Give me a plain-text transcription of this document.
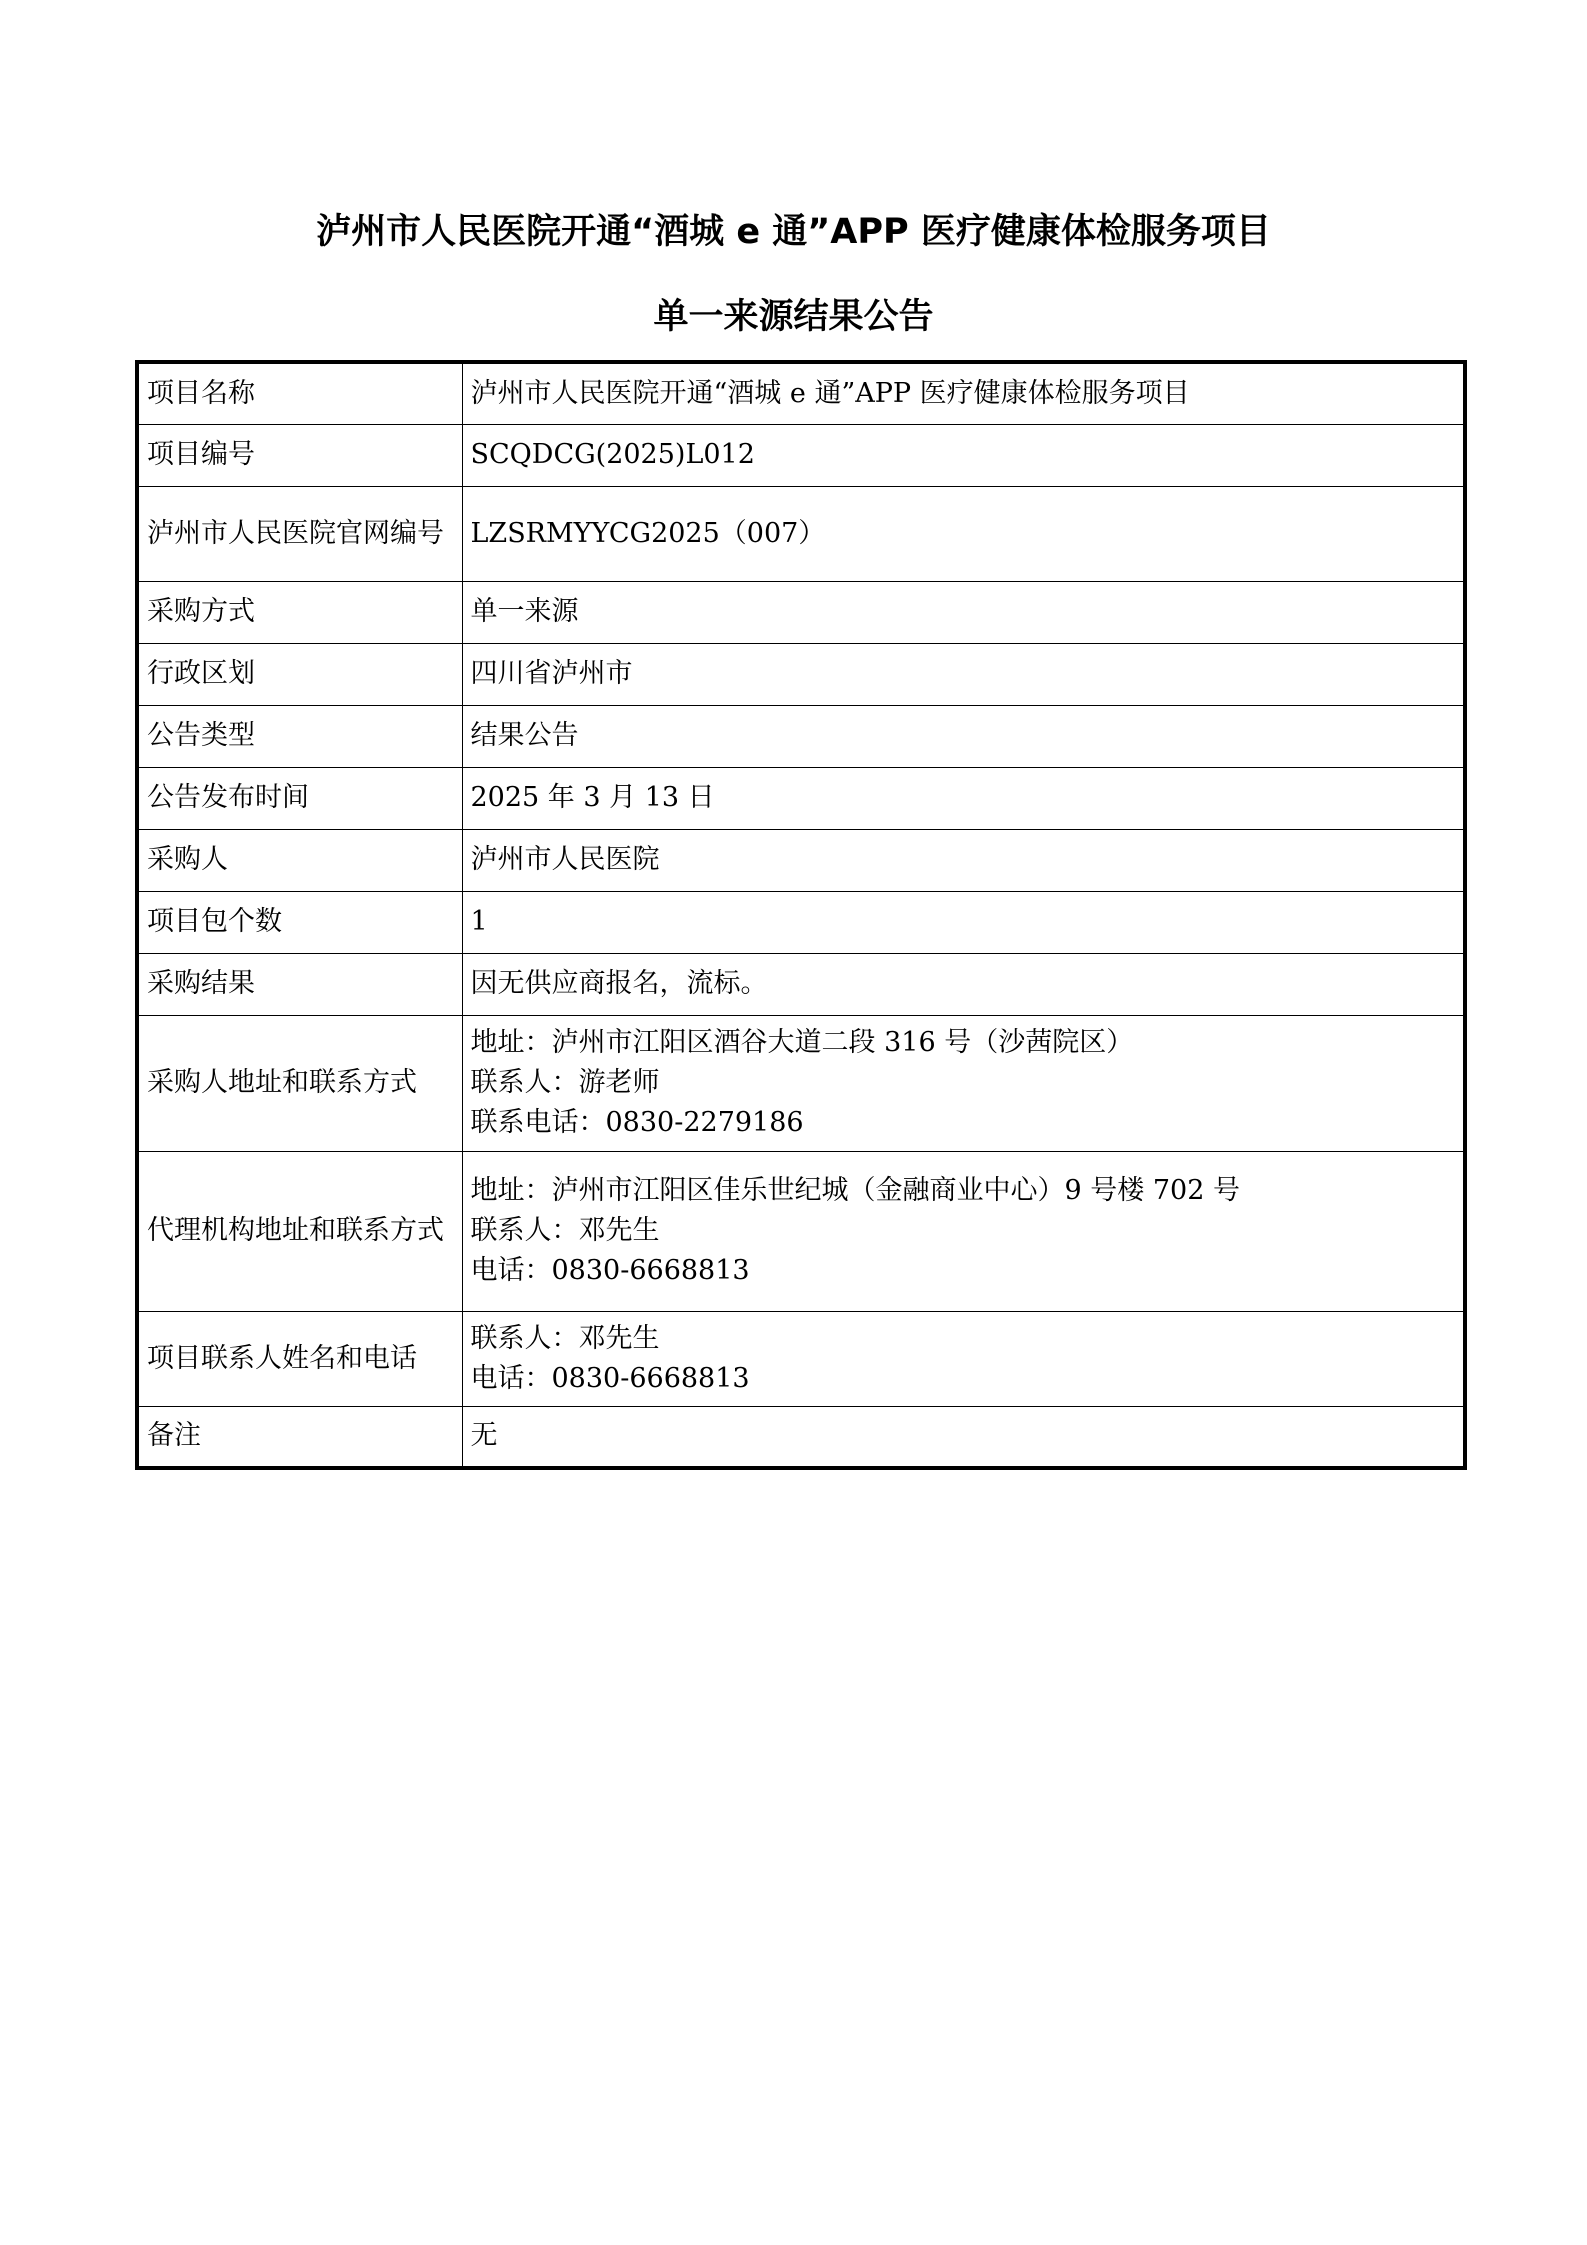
泸州市人民医院开通“酒城 e 通”APP 医疗健康体检服务项目
单一来源结果公告
项目名称	泸州市人民医院开通“酒城 e 通”APP 医疗健康体检服务项目

项目编号	SCQDCG(2025)L012

泸州市人民医院官网编号	LZSRMYYCG2025（007）

采购方式	单一来源

行政区划	四川省泸州市

公告类型	结果公告

公告发布时间	2025 年 3 月 13 日

采购人	泸州市人民医院

项目包个数	1

采购结果	因无供应商报名，流标。

采购人地址和联系方式	地址：泸州市江阳区酒谷大道二段 316 号（沙茜院区）
联系人：游老师
联系电话：0830-2279186

代理机构地址和联系方式	地址：泸州市江阳区佳乐世纪城（金融商业中心）9 号楼 702 号
联系人：邓先生
电话：0830-6668813

项目联系人姓名和电话	联系人：邓先生
电话：0830-6668813

备注	无
